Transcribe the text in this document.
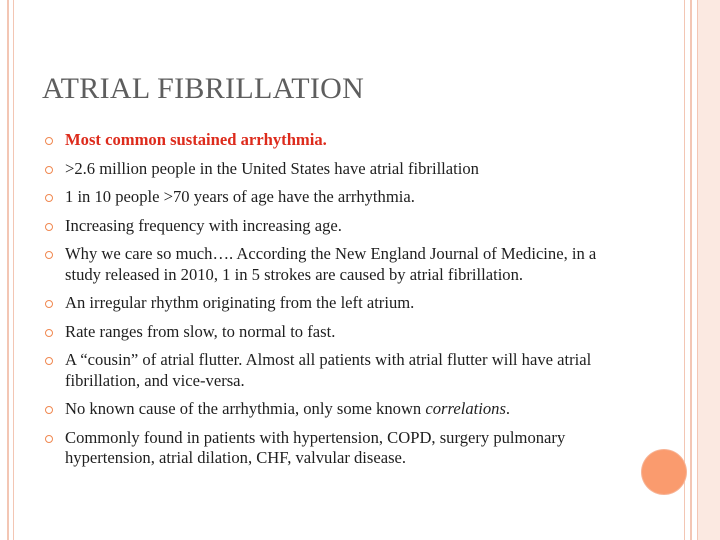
ATRIAL FIBRILLATION
Most common sustained arrhythmia.
>2.6 million people in the United States have atrial fibrillation
1 in 10 people >70 years of age have the arrhythmia.
Increasing frequency with increasing age.
Why we care so much…. According the New England Journal of Medicine, in a study released in 2010, 1 in 5 strokes are caused by atrial fibrillation.
An irregular rhythm originating from the left atrium.
Rate ranges from slow, to normal to fast.
A “cousin” of atrial flutter. Almost all patients with atrial flutter will have atrial fibrillation, and vice-versa.
No known cause of the arrhythmia, only some known correlations.
Commonly found in patients with hypertension, COPD, surgery pulmonary hypertension, atrial dilation, CHF, valvular disease.
